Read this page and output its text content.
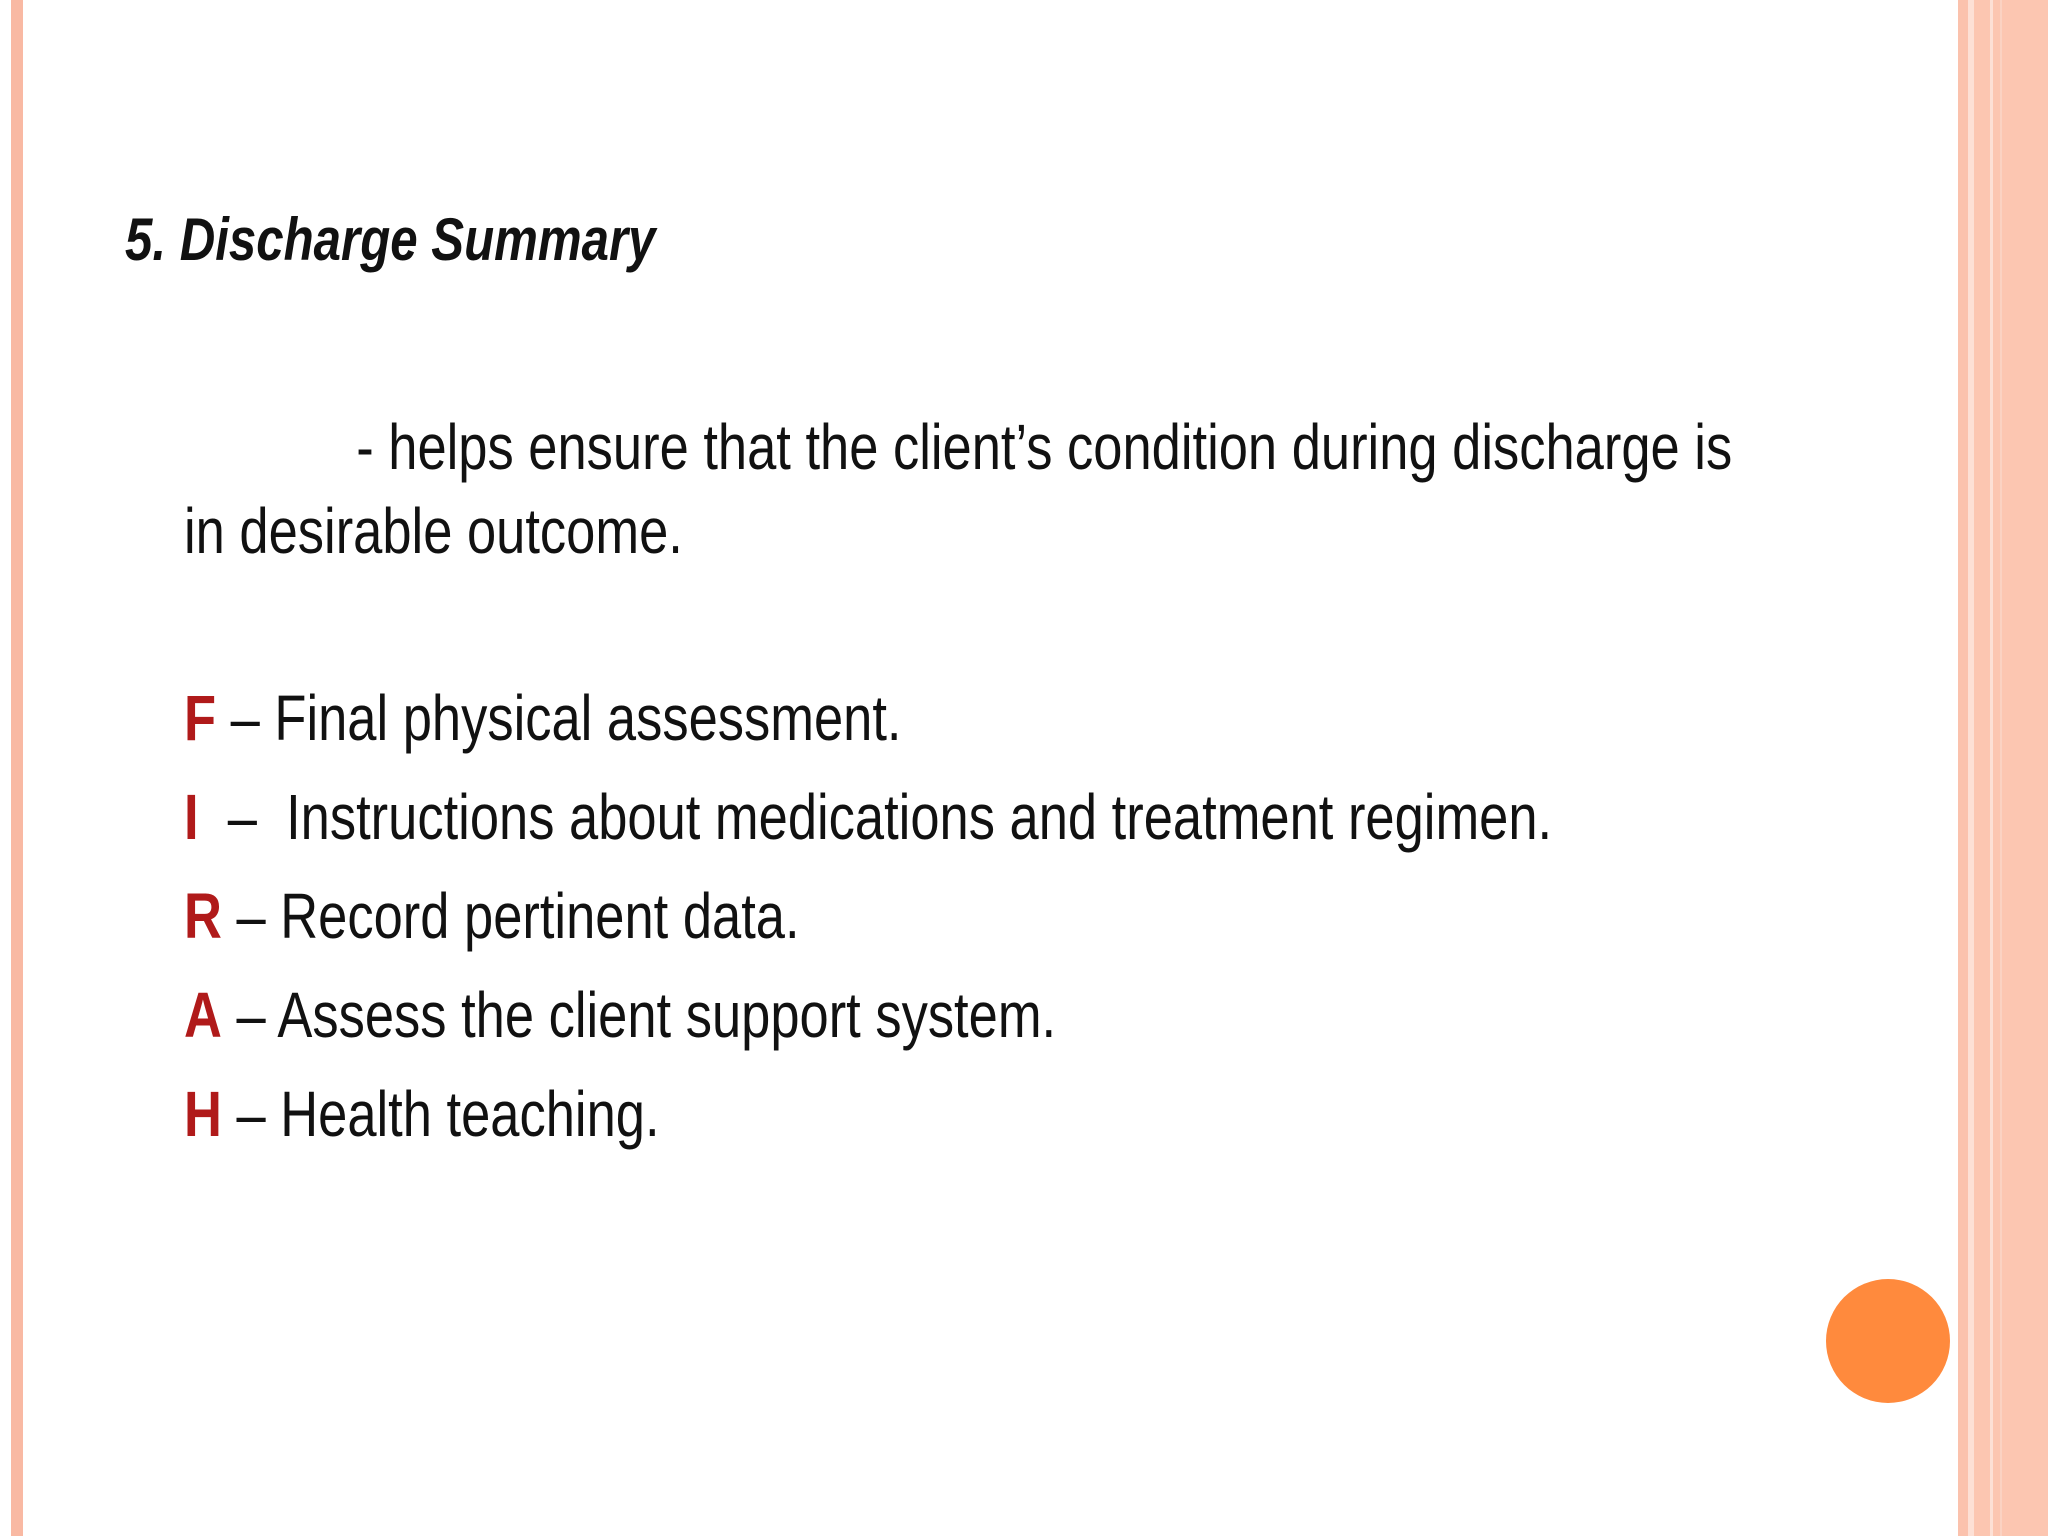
5. Discharge Summary
- helps ensure that the client’s condition during discharge is in desirable outcome.
F – Final physical assessment.
I  –  Instructions about medications and treatment regimen.
R – Record pertinent data.
A – Assess the client support system.
H – Health teaching.
